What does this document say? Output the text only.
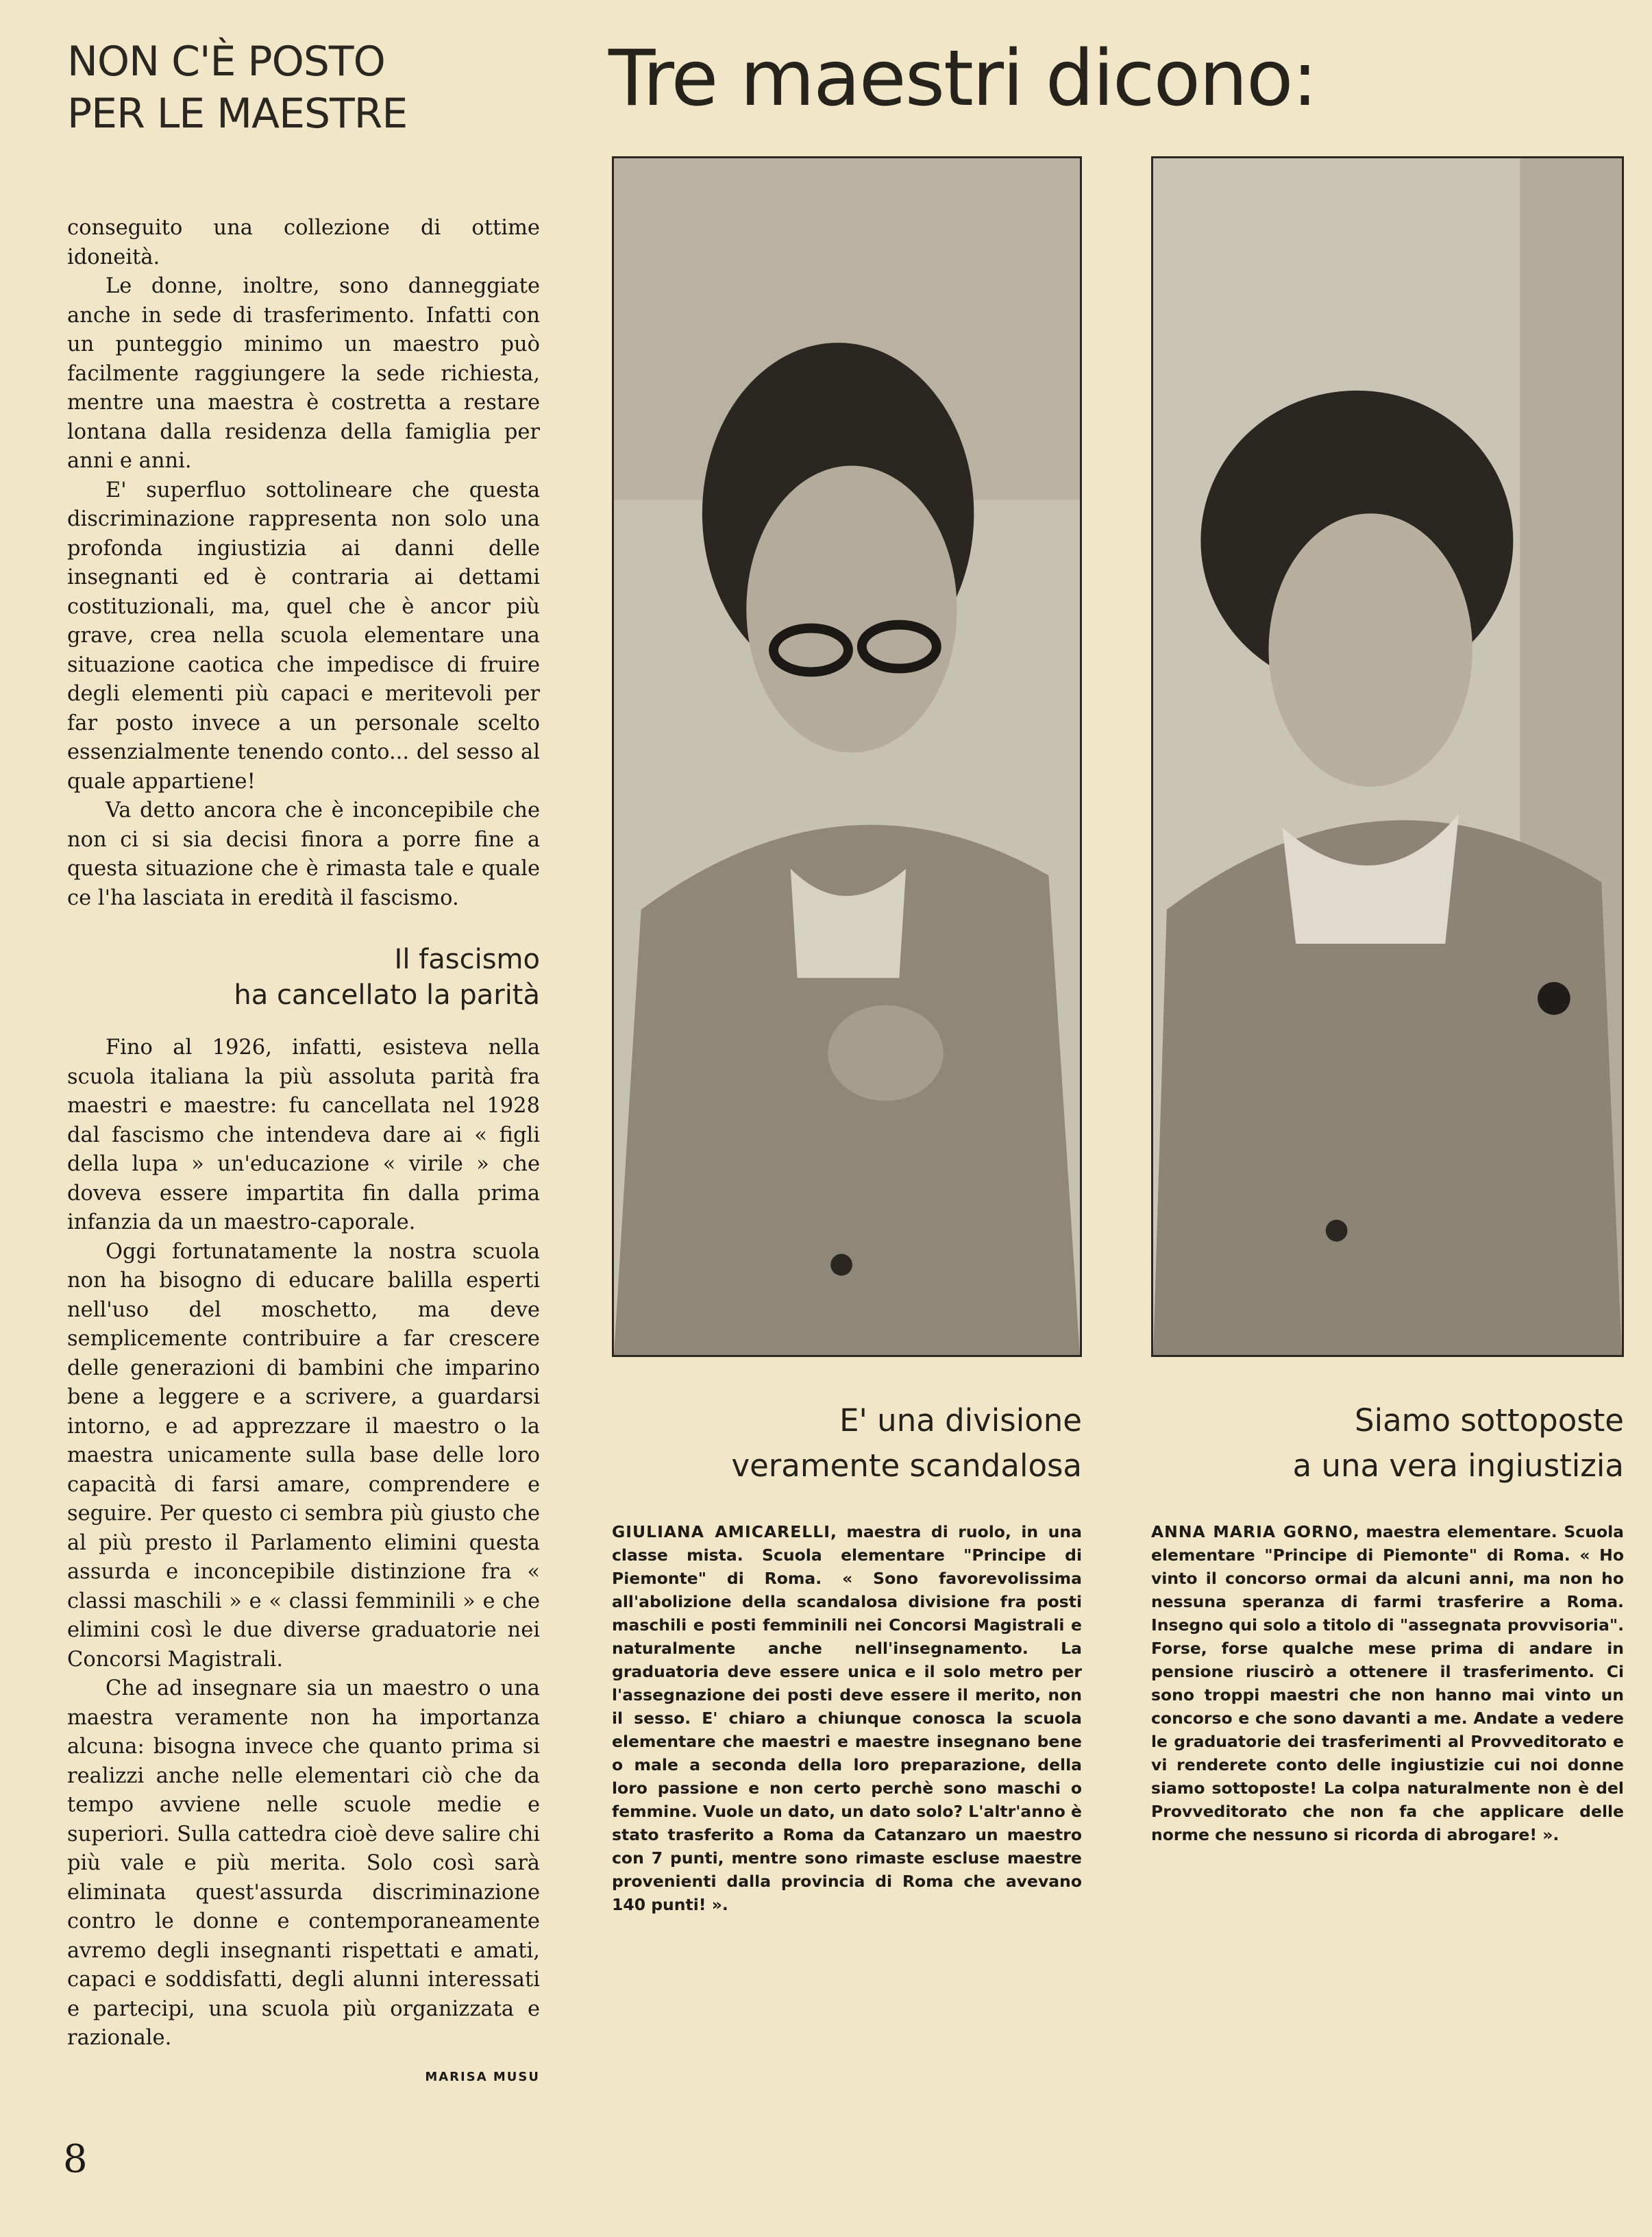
NON C'È POSTO
PER LE MAESTRE	Tre maestri dicono:

conseguito una collezione di ottime idoneità.

Le donne, inoltre, sono danneggiate anche in sede di trasferimento. Infatti con un punteggio minimo un maestro può facilmente raggiungere la sede richiesta, mentre una maestra è costretta a restare lontana dalla residenza della famiglia per anni e anni.

E' superfluo sottolineare che questa discriminazione rappresenta non solo una profonda ingiustizia ai danni delle insegnanti ed è contraria ai dettami costituzionali, ma, quel che è ancor più grave, crea nella scuola elementare una situazione caotica che impedisce di fruire degli elementi più capaci e meritevoli per far posto invece a un personale scelto essenzialmente tenendo conto... del sesso al quale appartiene!

Va detto ancora che è inconcepibile che non ci si sia decisi finora a porre fine a questa situazione che è rimasta tale e quale ce l'ha lasciata in eredità il fascismo.

Il fascismo
ha cancellato la parità

Fino al 1926, infatti, esisteva nella scuola italiana la più assoluta parità fra maestri e maestre: fu cancellata nel 1928 dal fascismo che intendeva dare ai « figli della lupa » un'educazione « virile » che doveva essere impartita fin dalla prima infanzia da un maestro-caporale.

Oggi fortunatamente la nostra scuola non ha bisogno di educare balilla esperti nell'uso del moschetto, ma deve semplicemente contribuire a far crescere delle generazioni di bambini che imparino bene a leggere e a scrivere, a guardarsi intorno, e ad apprezzare il maestro o la maestra unicamente sulla base delle loro capacità di farsi amare, comprendere e seguire. Per questo ci sembra più giusto che al più presto il Parlamento elimini questa assurda e inconcepibile distinzione fra « classi maschili » e « classi femminili » e che elimini così le due diverse graduatorie nei Concorsi Magistrali.

Che ad insegnare sia un maestro o una maestra veramente non ha importanza alcuna: bisogna invece che quanto prima si realizzi anche nelle elementari ciò che da tempo avviene nelle scuole medie e superiori. Sulla cattedra cioè deve salire chi più vale e più merita. Solo così sarà eliminata quest'assurda discriminazione contro le donne e contemporaneamente avremo degli insegnanti rispettati e amati, capaci e soddisfatti, degli alunni interessati e partecipi, una scuola più organizzata e razionale.

MARISA MUSU
8
E' una divisione
veramente scandalosa
GIULIANA AMICARELLI, maestra di ruolo, in una classe mista. Scuola elementare "Principe di Piemonte" di Roma. « Sono favorevolissima all'abolizione della scandalosa divisione fra posti maschili e posti femminili nei Concorsi Magistrali e naturalmente anche nell'insegnamento. La graduatoria deve essere unica e il solo metro per l'assegnazione dei posti deve essere il merito, non il sesso. E' chiaro a chiunque conosca la scuola elementare che maestri e maestre insegnano bene o male a seconda della loro preparazione, della loro passione e non certo perchè sono maschi o femmine. Vuole un dato, un dato solo? L'altr'anno è stato trasferito a Roma da Catanzaro un maestro con 7 punti, mentre sono rimaste escluse maestre provenienti dalla provincia di Roma che avevano 140 punti! ».
Siamo sottoposte
a una vera ingiustizia
ANNA MARIA GORNO, maestra elementare. Scuola elementare "Principe di Piemonte" di Roma. « Ho vinto il concorso ormai da alcuni anni, ma non ho nessuna speranza di farmi trasferire a Roma. Insegno qui solo a titolo di "assegnata provvisoria". Forse, forse qualche mese prima di andare in pensione riuscirò a ottenere il trasferimento. Ci sono troppi maestri che non hanno mai vinto un concorso e che sono davanti a me. Andate a vedere le graduatorie dei trasferimenti al Provveditorato e vi renderete conto delle ingiustizie cui noi donne siamo sottoposte! La colpa naturalmente non è del Provveditorato che non fa che applicare delle norme che nessuno si ricorda di abrogare! ».
